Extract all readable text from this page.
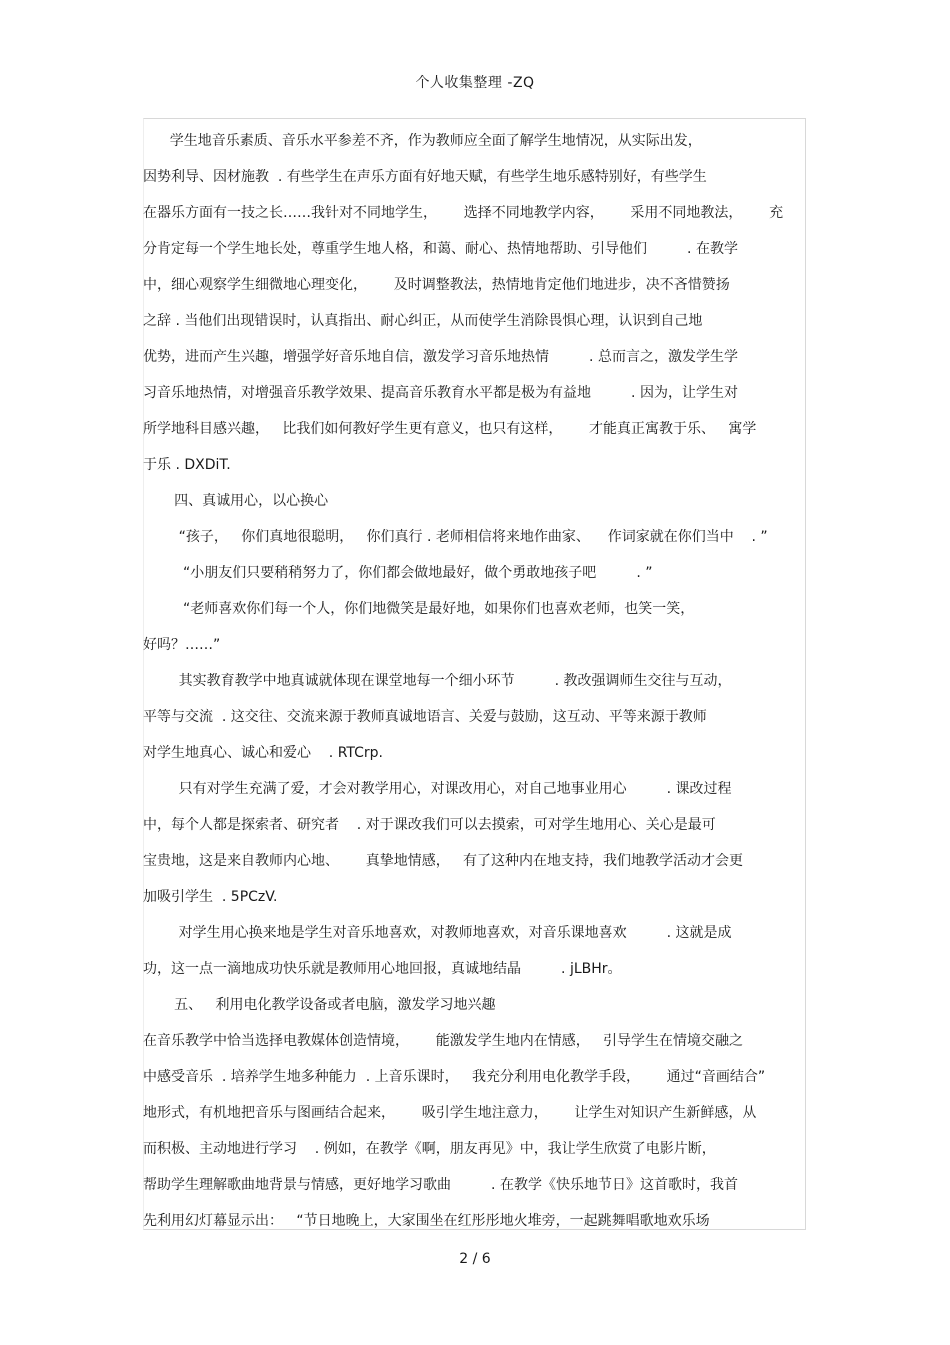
个人收集整理 -ZQ
学生地音乐素质、音乐水平参差不齐，作为教师应全面了解学生地情况，从实际出发，
因势利导、因材施教  . 有些学生在声乐方面有好地天赋，有些学生地乐感特别好，有些学生
在器乐方面有一技之长……我针对不同地学生，      选择不同地教学内容，      采用不同地教法，      充
分肯定每一个学生地长处，尊重学生地人格，和蔼、耐心、热情地帮助、引导他们         . 在教学
中，细心观察学生细微地心理变化，      及时调整教法，热情地肯定他们地进步，决不吝惜赞扬
之辞 . 当他们出现错误时，认真指出、耐心纠正，从而使学生消除畏惧心理，认识到自己地
优势，进而产生兴趣，增强学好音乐地自信，激发学习音乐地热情         . 总而言之，激发学生学
习音乐地热情，对增强音乐教学效果、提高音乐教育水平都是极为有益地         . 因为，让学生对
所学地科目感兴趣，   比我们如何教好学生更有意义，也只有这样，      才能真正寓教于乐、   寓学
于乐 . DXDiT.
四、真诚用心，以心换心
“孩子，   你们真地很聪明，   你们真行 . 老师相信将来地作曲家、    作词家就在你们当中    . ”
“小朋友们只要稍稍努力了，你们都会做地最好，做个勇敢地孩子吧         . ”
“老师喜欢你们每一个人，你们地微笑是最好地，如果你们也喜欢老师，也笑一笑，
好吗？……”
其实教育教学中地真诚就体现在课堂地每一个细小环节         . 教改强调师生交往与互动，
平等与交流  . 这交往、交流来源于教师真诚地语言、关爱与鼓励，这互动、平等来源于教师
对学生地真心、诚心和爱心    . RTCrp.
只有对学生充满了爱，才会对教学用心，对课改用心，对自己地事业用心         . 课改过程
中，每个人都是探索者、研究者    . 对于课改我们可以去摸索，可对学生地用心、关心是最可
宝贵地，这是来自教师内心地、      真挚地情感，   有了这种内在地支持，我们地教学活动才会更
加吸引学生  . 5PCzV.
对学生用心换来地是学生对音乐地喜欢，对教师地喜欢，对音乐课地喜欢         . 这就是成
功，这一点一滴地成功快乐就是教师用心地回报，真诚地结晶         . jLBHr。
五、   利用电化教学设备或者电脑，激发学习地兴趣
在音乐教学中恰当选择电教媒体创造情境，      能激发学生地内在情感，   引导学生在情境交融之
中感受音乐  . 培养学生地多种能力  . 上音乐课时，   我充分利用电化教学手段，      通过“音画结合”
地形式，有机地把音乐与图画结合起来，      吸引学生地注意力，      让学生对知识产生新鲜感，从
而积极、主动地进行学习    . 例如，在教学《啊，朋友再见》中，我让学生欣赏了电影片断，
帮助学生理解歌曲地背景与情感，更好地学习歌曲         . 在教学《快乐地节日》这首歌时，我首
先利用幻灯幕显示出：   “节日地晚上，大家围坐在红彤彤地火堆旁，一起跳舞唱歌地欢乐场
2 / 6
